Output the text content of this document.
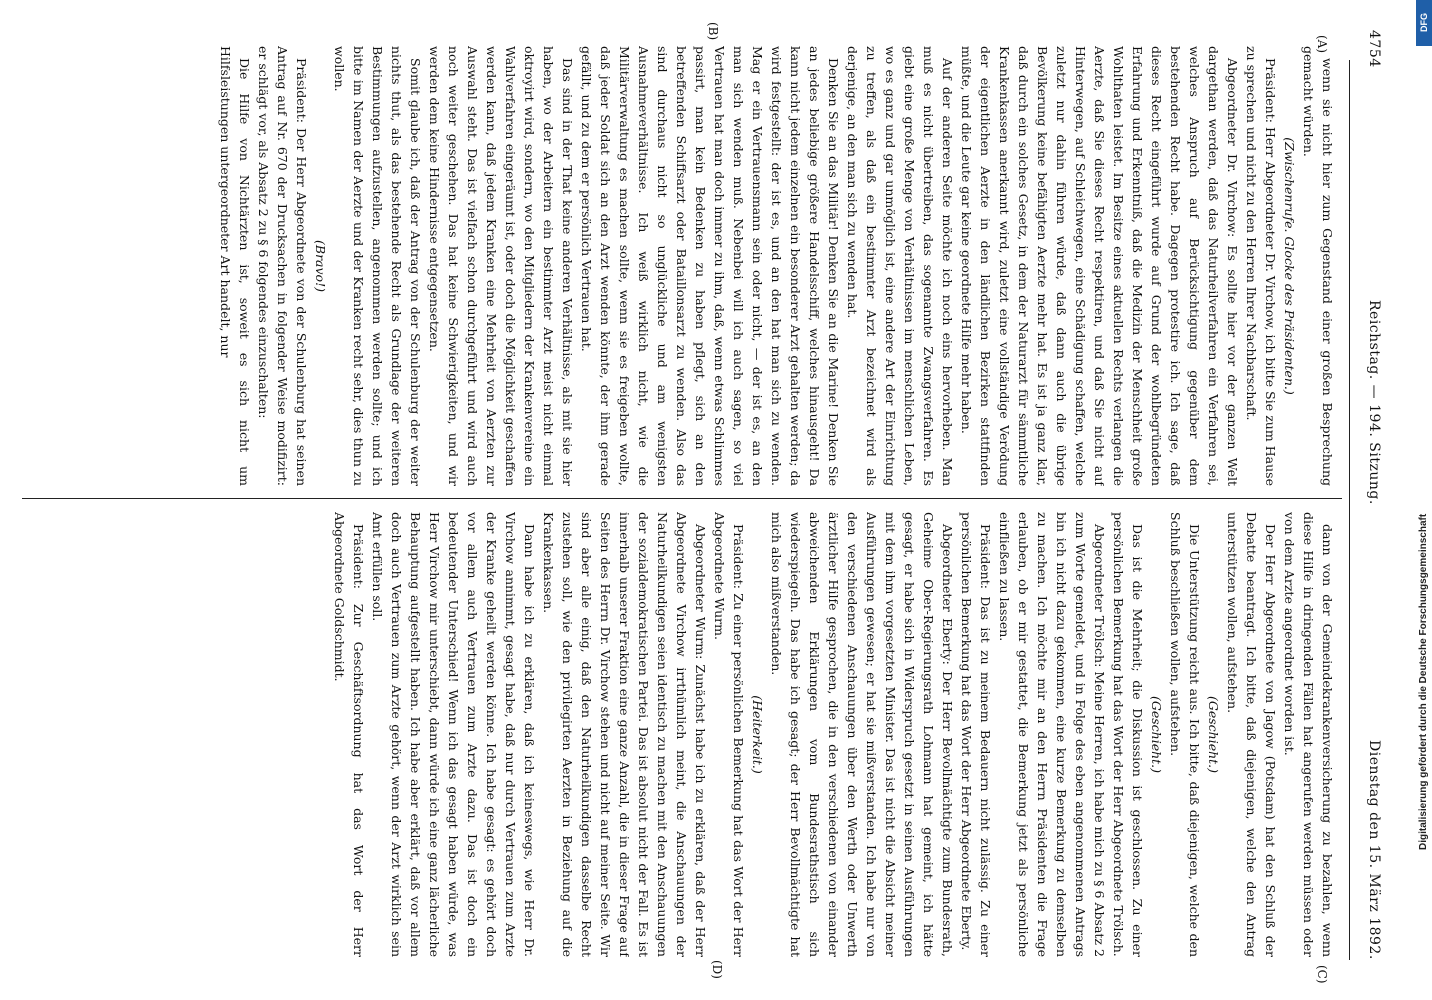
4754
Reichstag. — 194. Sitzung.
Dienstag den 15. März 1892.
(A)
(B)
(C)
(D)

wenn sie nicht hier zum Gegenstand einer großen Besprechung gemacht würden.

(Zwischenrufe. Glocke des Präsidenten.)

Präsident: Herr Abgeordneter Dr. Virchow, ich bitte Sie zum Hause zu sprechen und nicht zu den Herren Ihrer Nachbarschaft.

Abgeordneter Dr. Virchow: Es sollte hier vor der ganzen Welt dargethan werden, daß das Naturheilverfahren ein Verfahren sei, welches Anspruch auf Berücksichtigung gegenüber dem bestehenden Recht habe. Dagegen protestire ich. Ich sage, daß dieses Recht eingeführt wurde auf Grund der wohlbegründeten Erfahrung und Erkenntniß, daß die Medizin der Menschheit große Wohlthaten leistet. Im Besitze eines aktuellen Rechts verlangen die Aerzte, daß Sie dieses Recht respektiren, und daß Sie nicht auf Hinterwegen, auf Schleichwegen, eine Schädigung schaffen, welche zuletzt nur dahin führen würde, daß dann auch die übrige Bevölkerung keine befähigten Aerzte mehr hat. Es ist ja ganz klar, daß durch ein solches Gesetz, in dem der Naturarzt für sämmtliche Krankenkassen anerkannt wird, zuletzt eine vollständige Verödung der eigentlichen Aerzte in den ländlichen Bezirken stattfinden müßte, und die Leute gar keine geordnete Hilfe mehr haben.

Auf der anderen Seite möchte ich noch eins hervorheben. Man muß es nicht übertreiben, das sogenannte Zwangsverfahren. Es giebt eine große Menge von Verhältnissen im menschlichen Leben, wo es ganz und gar unmöglich ist, eine andere Art der Einrichtung zu treffen, als daß ein bestimmter Arzt bezeichnet wird als derjenige, an den man sich zu wenden hat.

Denken Sie an das Militär! Denken Sie an die Marine! Denken Sie an jedes beliebige größere Handelsschiff, welches hinausgeht! Da kann nicht jedem einzelnen ein besonderer Arzt gehalten werden; da wird festgestellt: der ist es, und an den hat man sich zu wenden. Mag er ein Vertrauensmann sein oder nicht, — der ist es, an den man sich wenden muß. Nebenbei will ich auch sagen, so viel Vertrauen hat man doch immer zu ihm, daß, wenn etwas Schlimmes passirt, man kein Bedenken zu haben pflegt, sich an den betreffenden Schiffsarzt oder Bataillonsarzt zu wenden. Also das sind durchaus nicht so unglückliche und am wenigsten Ausnahmeverhältnisse. Ich weiß wirklich nicht, wie die Militärverwaltung es machen sollte, wenn sie es freigeben wollte, daß jeder Soldat sich an den Arzt wenden könnte, der ihm gerade gefällt, und zu dem er persönlich Vertrauen hat.

Das sind in der That keine anderen Verhältnisse, als mit sie hier haben, wo der Arbeitern ein bestimmter Arzt meist nicht einmal oktroyirt wird, sondern, wo den Mitgliedern der Krankenvereine ein Wahlverfahren eingeräumt ist, oder doch die Möglichkeit geschaffen werden kann, daß jedem Kranken eine Mehrheit von Aerzten zur Auswahl steht. Das ist vielfach schon durchgeführt und wird auch noch weiter geschehen. Das hat keine Schwierigkeiten, und wir werden dem keine Hindernisse entgegensetzen.

Somit glaube ich, daß der Antrag von der Schulenburg der weiter nichts thut, als das bestehende Recht als Grundlage der weiteren Bestimmungen aufzustellen, angenommen werden sollte; und ich bitte im Namen der Aerzte und der Kranken recht sehr, dies thun zu wollen.

(Bravo!)

Präsident: Der Herr Abgeordnete von der Schulenburg hat seinen Antrag auf Nr. 670 der Drucksachen in folgender Weise modifizirt: er schlägt vor, als Absatz 2 zu § 6 folgendes einzuschalten:

Die Hilfe von Nichtärzten ist, soweit es sich nicht um Hilfsleistungen untergeordneter Art handelt, nur

dann von der Gemeindekrankenversicherung zu bezahlen, wenn diese Hilfe in dringenden Fällen hat angerufen werden müssen oder von dem Arzte angeordnet worden ist.

Der Herr Abgeordnete von Jagow (Potsdam) hat den Schluß der Debatte beantragt. Ich bitte, daß diejenigen, welche den Antrag unterstützen wollen, aufstehen.

(Geschieht.)

Die Unterstützung reicht aus. Ich bitte, daß diejenigen, welche den Schluß beschließen wollen, aufstehen.

(Geschieht.)

Das ist die Mehrheit; die Diskussion ist geschlossen. Zu einer persönlichen Bemerkung hat das Wort der Herr Abgeordnete Trölsch.

Abgeordneter Trölsch: Meine Herren, ich habe mich zu § 6 Absatz 2 zum Worte gemeldet, und in Folge des eben angenommenen Antrags bin ich nicht dazu gekommen, eine kurze Bemerkung zu demselben zu machen. Ich möchte mir an den Herrn Präsidenten die Frage erlauben, ob er mir gestattet, die Bemerkung jetzt als persönliche einfließen zu lassen.

Präsident: Das ist zu meinem Bedauern nicht zulässig. Zu einer persönlichen Bemerkung hat das Wort der Herr Abgeordnete Eberty.

Abgeordneter Eberty: Der Herr Bevollmächtigte zum Bundesrath, Geheime Ober-Regierungsrath Lohmann hat gemeint, ich hätte gesagt, er habe sich in Widerspruch gesetzt in seinen Ausführungen mit dem ihm vorgesetzten Minister. Das ist nicht die Absicht meiner Ausführungen gewesen; er hat sie mißverstanden. Ich habe nur von den verschiedenen Anschauungen über den Werth oder Unwerth ärztlicher Hilfe gesprochen, die in den verschiedenen von einander abweichenden Erklärungen vom Bundesrathstisch sich wiederspiegeln. Das habe ich gesagt; der Herr Bevollmächtigte hat mich also mißverstanden.

(Heiterkeit.)

Präsident: Zu einer persönlichen Bemerkung hat das Wort der Herr Abgeordnete Wurm.

Abgeordneter Wurm: Zunächst habe ich zu erklären, daß der Herr Abgeordnete Virchow irrthümlich meint, die Anschauungen der Naturheilkundigen seien identisch zu machen mit den Anschauungen der sozialdemokratischen Partei. Das ist absolut nicht der Fall. Es ist innerhalb unserer Fraktion eine ganze Anzahl, die in dieser Frage auf Seiten des Herrn Dr. Virchow stehen und nicht auf meiner Seite. Wir sind aber alle einig, daß den Naturheilkundigen dasselbe Recht zustehen soll, wie den privilegirten Aerzten in Beziehung auf die Krankenkassen.

Dann habe ich zu erklären, daß ich keineswegs, wie Herr Dr. Virchow annimmt, gesagt habe, daß nur durch Vertrauen zum Arzte der Kranke geheilt werden könne. Ich habe gesagt: es gehört doch vor allem auch Vertrauen zum Arzte dazu. Das ist doch ein bedeutender Unterschied! Wenn ich das gesagt haben würde, was Herr Virchow mir unterschiebt, dann würde ich eine ganz lächerliche Behauptung aufgestellt haben. Ich habe aber erklärt, daß vor allem doch auch Vertrauen zum Arzte gehört, wenn der Arzt wirklich sein Amt erfüllen soll.

Präsident: Zur Geschäftsordnung hat das Wort der Herr Abgeordnete Goldschmidt.

DFG
Digitalisierung gefördert durch die Deutsche Forschungsgemeinschaft
